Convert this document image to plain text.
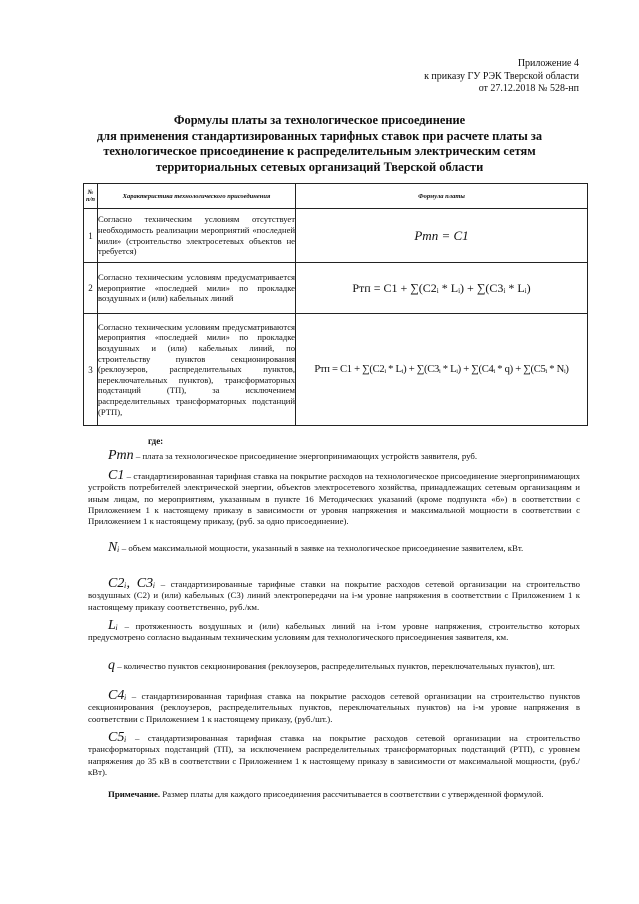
Приложение 4
к приказу ГУ РЭК Тверской области
от 27.12.2018 № 528-нп
Формулы платы за технологическое присоединение
для применения стандартизированных тарифных ставок при расчете платы за
технологическое присоединение к распределительным электрическим сетям
территориальных сетевых организаций Тверской области
№
п/п	Характеристика технологического присоединения	Формула платы
1	Согласно техническим условиям отсутствует необходимость реализации мероприятий «последней мили» (строительство электросетевых объектов не требуется)	Pтп = C1
2	Согласно техническим условиям предусматривается мероприятие «последней мили» по прокладке воздушных и (или) кабельных линий	Pтп = C1 + ∑(C2ᵢ * Lᵢ) + ∑(C3ᵢ * Lᵢ)
3	Согласно техническим условиям предусматриваются мероприятия «последней мили» по прокладке воздушных и (или) кабельных линий, по строительству пунктов секционирования (реклоузеров, распределительных пунктов, переключательных пунктов), трансформаторных подстанций (ТП), за исключением распределительных трансформаторных подстанций (РТП),	Pтп = C1 + ∑(C2ᵢ * Lᵢ) + ∑(C3ᵢ * Lᵢ) + ∑(C4ᵢ * q) + ∑(C5ᵢ * Nᵢ)
где:
Pтп – плата за технологическое присоединение энергопринимающих устройств заявителя, руб.
C1 – стандартизированная тарифная ставка на покрытие расходов на технологическое присоединение энергопринимающих устройств потребителей электрической энергии, объектов электросетевого хозяйства, принадлежащих сетевым организациям и иным лицам, по мероприятиям, указанным в пункте 16 Методических указаний (кроме подпункта «б») в соответствии с Приложением 1 к настоящему приказу в зависимости от уровня напряжения и максимальной мощности в соответствии с Приложением 1 к настоящему приказу, (руб. за одно присоединение).
Nᵢ – объем максимальной мощности, указанный в заявке на технологическое присоединение заявителем, кВт.
C2ᵢ, C3ᵢ – стандартизированные тарифные ставки на покрытие расходов сетевой организации на строительство воздушных (С2) и (или) кабельных (С3) линий электропередачи на i-м уровне напряжения в соответствии с Приложением 1 к настоящему приказу соответственно, руб./км.
Lᵢ – протяженность воздушных и (или) кабельных линий на i-том уровне напряжения, строительство которых предусмотрено согласно выданным техническим условиям для технологического присоединения заявителя, км.
q – количество пунктов секционирования (реклоузеров, распределительных пунктов, переключательных пунктов), шт.
C4ᵢ – стандартизированная тарифная ставка на покрытие расходов сетевой организации на строительство пунктов секционирования (реклоузеров, распределительных пунктов, переключательных пунктов) на i-м уровне напряжения в соответствии с Приложением 1 к настоящему приказу, (руб./шт.).
C5ᵢ – стандартизированная тарифная ставка на покрытие расходов сетевой организации на строительство трансформаторных подстанций (ТП), за исключением распределительных трансформаторных подстанций (РТП), с уровнем напряжения до 35 кВ в соответствии с Приложением 1 к настоящему приказу в зависимости от максимальной мощности, (руб./кВт).
Примечание. Размер платы для каждого присоединения рассчитывается в соответствии с утвержденной формулой.
